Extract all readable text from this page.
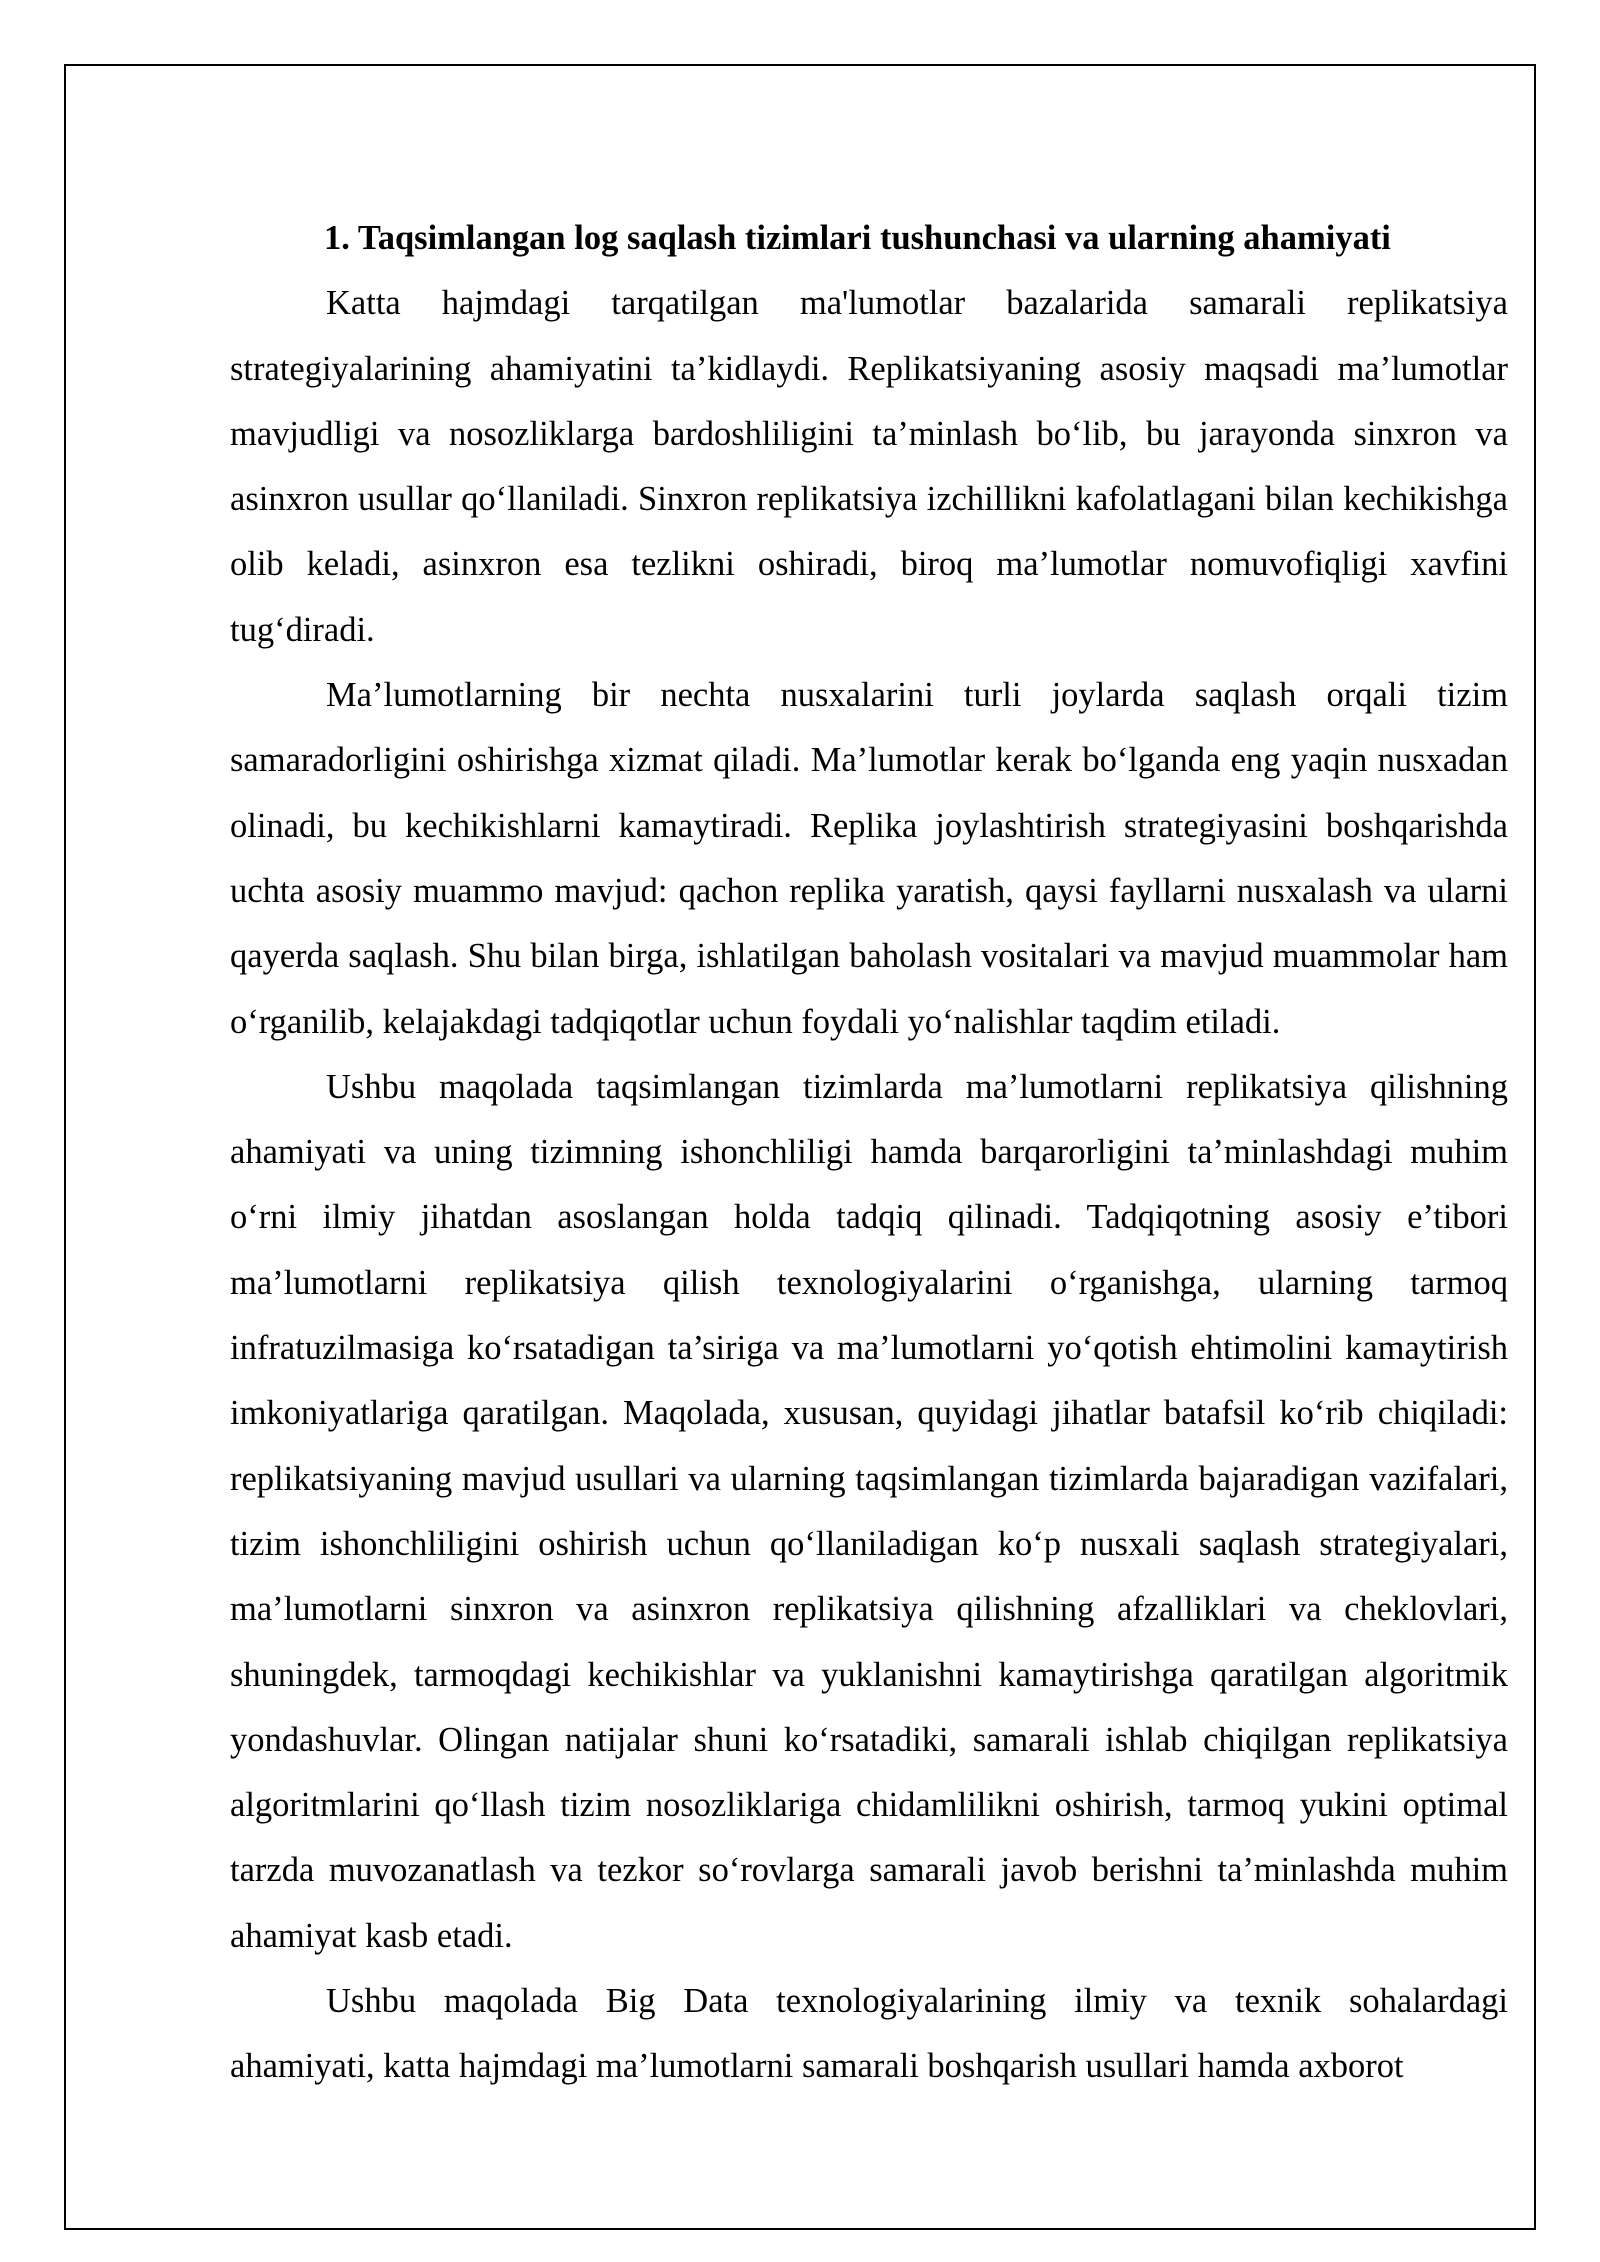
1. Taqsimlangan log saqlash tizimlari tushunchasi va ularning ahamiyati

Katta hajmdagi tarqatilgan ma'lumotlar bazalarida samarali replikatsiya strategiyalarining ahamiyatini ta’kidlaydi. Replikatsiyaning asosiy maqsadi ma’lumotlar mavjudligi va nosozliklarga bardoshliligini ta’minlash bo‘lib, bu jarayonda sinxron va asinxron usullar qo‘llaniladi. Sinxron replikatsiya izchillikni kafolatlagani bilan kechikishga olib keladi, asinxron esa tezlikni oshiradi, biroq ma’lumotlar nomuvofiqligi xavfini tug‘diradi.

Ma’lumotlarning bir nechta nusxalarini turli joylarda saqlash orqali tizim samaradorligini oshirishga xizmat qiladi. Ma’lumotlar kerak bo‘lganda eng yaqin nusxadan olinadi, bu kechikishlarni kamaytiradi. Replika joylashtirish strategiyasini boshqarishda uchta asosiy muammo mavjud: qachon replika yaratish, qaysi fayllarni nusxalash va ularni qayerda saqlash. Shu bilan birga, ishlatilgan baholash vositalari va mavjud muammolar ham o‘rganilib, kelajakdagi tadqiqotlar uchun foydali yo‘nalishlar taqdim etiladi.

Ushbu maqolada taqsimlangan tizimlarda ma’lumotlarni replikatsiya qilishning ahamiyati va uning tizimning ishonchliligi hamda barqarorligini ta’minlashdagi muhim o‘rni ilmiy jihatdan asoslangan holda tadqiq qilinadi. Tadqiqotning asosiy e’tibori ma’lumotlarni replikatsiya qilish texnologiyalarini o‘rganishga, ularning tarmoq infratuzilmasiga ko‘rsatadigan ta’siriga va ma’lumotlarni yo‘qotish ehtimolini kamaytirish imkoniyatlariga qaratilgan. Maqolada, xususan, quyidagi jihatlar batafsil ko‘rib chiqiladi: replikatsiyaning mavjud usullari va ularning taqsimlangan tizimlarda bajaradigan vazifalari, tizim ishonchliligini oshirish uchun qo‘llaniladigan ko‘p nusxali saqlash strategiyalari, ma’lumotlarni sinxron va asinxron replikatsiya qilishning afzalliklari va cheklovlari, shuningdek, tarmoqdagi kechikishlar va yuklanishni kamaytirishga qaratilgan algoritmik yondashuvlar. Olingan natijalar shuni ko‘rsatadiki, samarali ishlab chiqilgan replikatsiya algoritmlarini qo‘llash tizim nosozliklariga chidamlilikni oshirish, tarmoq yukini optimal tarzda muvozanatlash va tezkor so‘rovlarga samarali javob berishni ta’minlashda muhim ahamiyat kasb etadi.

Ushbu maqolada Big Data texnologiyalarining ilmiy va texnik sohalardagi ahamiyati, katta hajmdagi ma’lumotlarni samarali boshqarish usullari hamda axborot
